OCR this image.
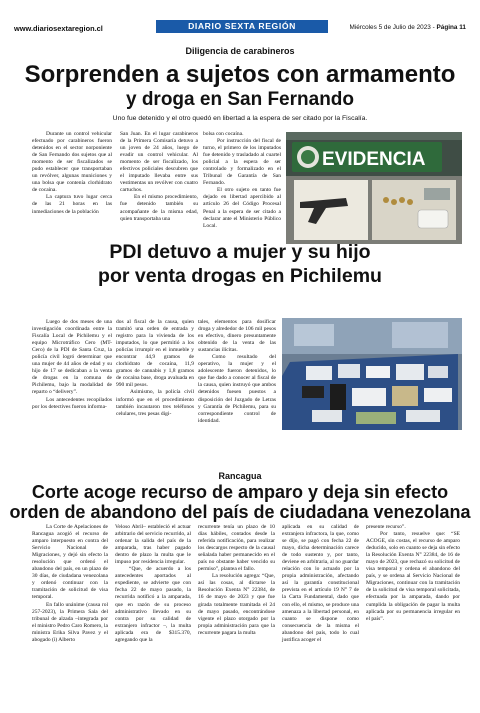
www.diariosextaregion.cl	DIARIO SEXTA REGIÓN	Miércoles 5 de Julio de 2023 - Página 11
Diligencia de carabineros
Sorprenden a sujetos con armamento
y droga en San Fernando
Uno fue detenido y el otro quedó en libertad a la espera de ser citado por la Fiscalía.

Durante un control vehicular efectuado por carabineros fueron detenidos en el sector norponiente de San Fernando dos sujetos que al momento de ser fiscalizados se pudo establecer que transportaban un revólver, algunas municiones y una bolsa que contenía clorhidrato de cocaína.

La captura tuvo lugar cerca de las 21 horas en las inmediaciones de la población

San Juan. En el lugar carabineros de la Primera Comisaría detuvo a un joven de 24 años, luego de evadir un control vehicular. Al momento de ser fiscalizado, los efectivos policiales descubren que el imputado llevaba entre sus vestimentas un revólver con cuatro cartuchos.

En el mismo procedimiento, fue detenido también su acompañante de la misma edad, quien transportaba una

bolsa con cocaína.

Por instrucción del fiscal de turno, el primero de los imputados fue detenido y trasladado al cuartel policial a la espera de ser controlado y formalizado en el Tribunal de Garantía de San Fernando.

El otro sujeto en tanto fue dejado en libertad apercibido al artículo 26 del Código Procesal Penal a la espera de ser citado a declarar ante el Ministerio Público Local.

EVIDENCIA
PDI detuvo a mujer y su hijo
por venta drogas en Pichilemu

Luego de dos meses de una investigación coordinada entre la Fiscalía Local de Pichilemu y el equipo Microtráfico Cero (MT-Cero) de la PDI de Santa Cruz, la policía civil logró determinar que una mujer de 44 años de edad y su hijo de 17 se dedicaban a la venta de drogas en la comuna de Pichilemu, bajo la modalidad de reparto o “delivery”.

Los antecedentes recopilados por los detectives fueron informa-

dos al fiscal de la causa, quien tramitó una orden de entrada y registro para la vivienda de los imputados, lo que permitió a los policías irrumpir en el inmueble y encontrar 44,9 gramos de clorhidrato de cocaína, 11,9 gramos de cannabis y 1,8 gramos de cocaína base, droga avaluada en 990 mil pesos.

Asimismo, la policía civil informó que en el procedimiento también incautaron tres teléfonos celulares, tres pesas digi-

tales, elementos para dosificar droga y alrededor de 106 mil pesos en efectivo, dinero presuntamente obtenido de la venta de las sustancias ilícitas.

Como resultado del operativo, la mujer y el adolescente fueron detenidos, lo que fue dado a conocer al fiscal de la causa, quien instruyó que ambos detenidos fuesen puestos a disposición del Juzgado de Letras y Garantía de Pichilemu, para su correspondiente control de identidad.

Rancagua
Corte acoge recurso de amparo y deja sin efecto
orden de abandono del país de ciudadana venezolana

La Corte de Apelaciones de Rancagua acogió el recurso de amparo interpuesto en contra del Servicio Nacional de Migraciones, y dejó sin efecto la resolución que ordenó el abandono del país, en un plazo de 30 días, de ciudadana venezolana y ordenó continuar con la tramitación de solicitud de visa temporal.

En fallo unánime (causa rol 257-2023), la Primera Sala del tribunal de alzada –integrada por el ministro Pedro Caro Romero, la ministra Erika Silva Pavez y el abogado (i) Alberto

Veloso Abril– estableció el actuar arbitrario del servicio recurrido, al ordenar la salida del país de la amparada, tras haber pagado dentro de plazo la multa que le impuso por residencia irregular.

“Que, de acuerdo a los antecedentes aportados al expediente, se advierte que con fecha 22 de mayo pasado, la recurrida notificó a la amparada, que en razón de su proceso administrativo llevado en su contra por su calidad de extranjero infractor –, la multa aplicada era de $315.370, agregando que la

recurrente tenía un plazo de 10 días hábiles, contados desde la referida notificación, para realizar los descargos respecto de la causal señalada haber permanecido en el país no obstante haber vencido su permiso”, plantea el fallo.

La resolución agrega: “Que, así las cosas, al dictarse la Resolución Exenta N° 22384, de 16 de mayo de 2023 y que fue girada totalmente tramitada el 24 de mayo pasado, encontrándose vigente el plazo otorgado por la propia administración para que la recurrente pagara la multa

aplicada en su calidad de extranjera infractora, la que, como se dijo, se pagó con fecha 22 de mayo, dicha determinación carece de todo sustento y, por tanto, deviene en arbitraria, al no guardar relación con lo actuado por la propia administración, afectando así la garantía constitucional prevista en el artículo 19 N° 7 de la Carta Fundamental, dado que con ello, el mismo, se produce una amenaza a la libertad personal, en cuanto se dispone como consecuencia de la misma el abandono del país, todo lo cual justifica acoger el

presente recurso”.

Por tanto, resuelve que: “SE ACOGE, sin costas, el recurso de amparo deducido, solo en cuanto se deja sin efecto la Resolución Exenta N° 22384, de 16 de mayo de 2023, que rechazó su solicitud de visa temporal y ordena el abandono del país, y se ordena al Servicio Nacional de Migraciones, continuar con la tramitación de la solicitud de visa temporal solicitada, efectuada por la amparada, dando por cumplida la obligación de pagar la multa aplicada por su permanencia irregular en el país”.
